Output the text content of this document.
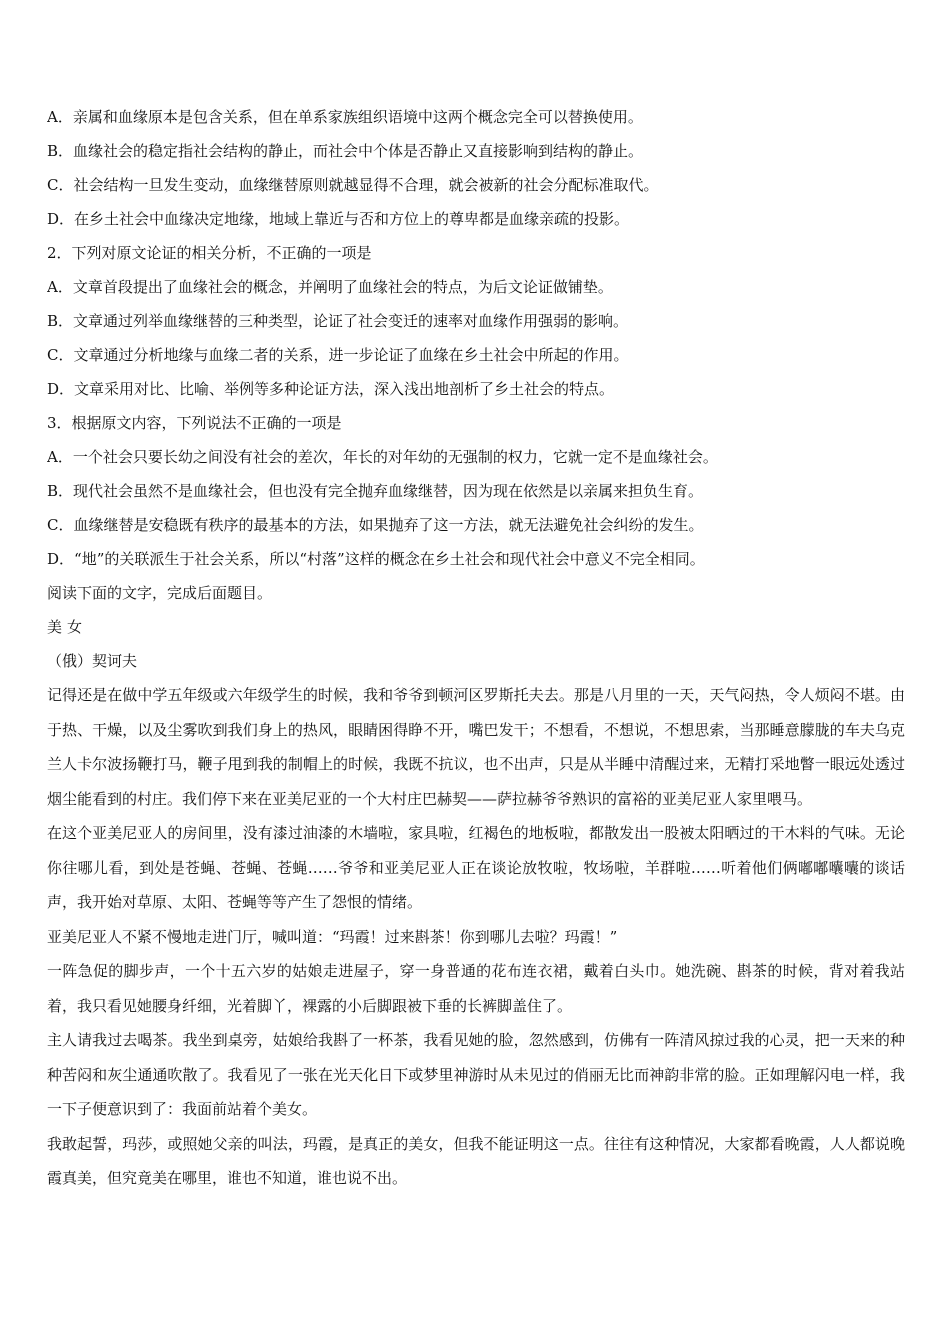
A．亲属和血缘原本是包含关系，但在单系家族组织语境中这两个概念完全可以替换使用。
B．血缘社会的稳定指社会结构的静止，而社会中个体是否静止又直接影响到结构的静止。
C．社会结构一旦发生变动，血缘继替原则就越显得不合理，就会被新的社会分配标准取代。
D．在乡土社会中血缘决定地缘，地域上靠近与否和方位上的尊卑都是血缘亲疏的投影。
2．下列对原文论证的相关分析，不正确的一项是
A．文章首段提出了血缘社会的概念，并阐明了血缘社会的特点，为后文论证做铺垫。
B．文章通过列举血缘继替的三种类型，论证了社会变迁的速率对血缘作用强弱的影响。
C．文章通过分析地缘与血缘二者的关系，进一步论证了血缘在乡土社会中所起的作用。
D．文章采用对比、比喻、举例等多种论证方法，深入浅出地剖析了乡土社会的特点。
3．根据原文内容，下列说法不正确的一项是
A．一个社会只要长幼之间没有社会的差次，年长的对年幼的无强制的权力，它就一定不是血缘社会。
B．现代社会虽然不是血缘社会，但也没有完全抛弃血缘继替，因为现在依然是以亲属来担负生育。
C．血缘继替是安稳既有秩序的最基本的方法，如果抛弃了这一方法，就无法避免社会纠纷的发生。
D．“地”的关联派生于社会关系，所以“村落”这样的概念在乡土社会和现代社会中意义不完全相同。
阅读下面的文字，完成后面题目。
美女
（俄）契诃夫
记得还是在做中学五年级或六年级学生的时候，我和爷爷到顿河区罗斯托夫去。那是八月里的一天，天气闷热，令人烦闷不堪。由于热、干燥，以及尘雾吹到我们身上的热风，眼睛困得睁不开，嘴巴发干；不想看，不想说，不想思索，当那睡意朦胧的车夫乌克兰人卡尔波扬鞭打马，鞭子甩到我的制帽上的时候，我既不抗议，也不出声，只是从半睡中清醒过来，无精打采地瞥一眼远处透过烟尘能看到的村庄。我们停下来在亚美尼亚的一个大村庄巴赫契——萨拉赫爷爷熟识的富裕的亚美尼亚人家里喂马。
在这个亚美尼亚人的房间里，没有漆过油漆的木墙啦，家具啦，红褐色的地板啦，都散发出一股被太阳晒过的干木料的气味。无论你往哪儿看，到处是苍蝇、苍蝇、苍蝇……爷爷和亚美尼亚人正在谈论放牧啦，牧场啦，羊群啦……听着他们俩嘟嘟囔囔的谈话声，我开始对草原、太阳、苍蝇等等产生了怨恨的情绪。
亚美尼亚人不紧不慢地走进门厅，喊叫道：“玛霞！过来斟茶！你到哪儿去啦？玛霞！”
一阵急促的脚步声，一个十五六岁的姑娘走进屋子，穿一身普通的花布连衣裙，戴着白头巾。她洗碗、斟茶的时候，背对着我站着，我只看见她腰身纤细，光着脚丫，裸露的小后脚跟被下垂的长裤脚盖住了。
主人请我过去喝茶。我坐到桌旁，姑娘给我斟了一杯茶，我看见她的脸，忽然感到，仿佛有一阵清风掠过我的心灵，把一天来的种种苦闷和灰尘通通吹散了。我看见了一张在光天化日下或梦里神游时从未见过的俏丽无比而神韵非常的脸。正如理解闪电一样，我一下子便意识到了：我面前站着个美女。
我敢起誓，玛莎，或照她父亲的叫法，玛霞，是真正的美女，但我不能证明这一点。往往有这种情况，大家都看晚霞，人人都说晚霞真美，但究竟美在哪里，谁也不知道，谁也说不出。
